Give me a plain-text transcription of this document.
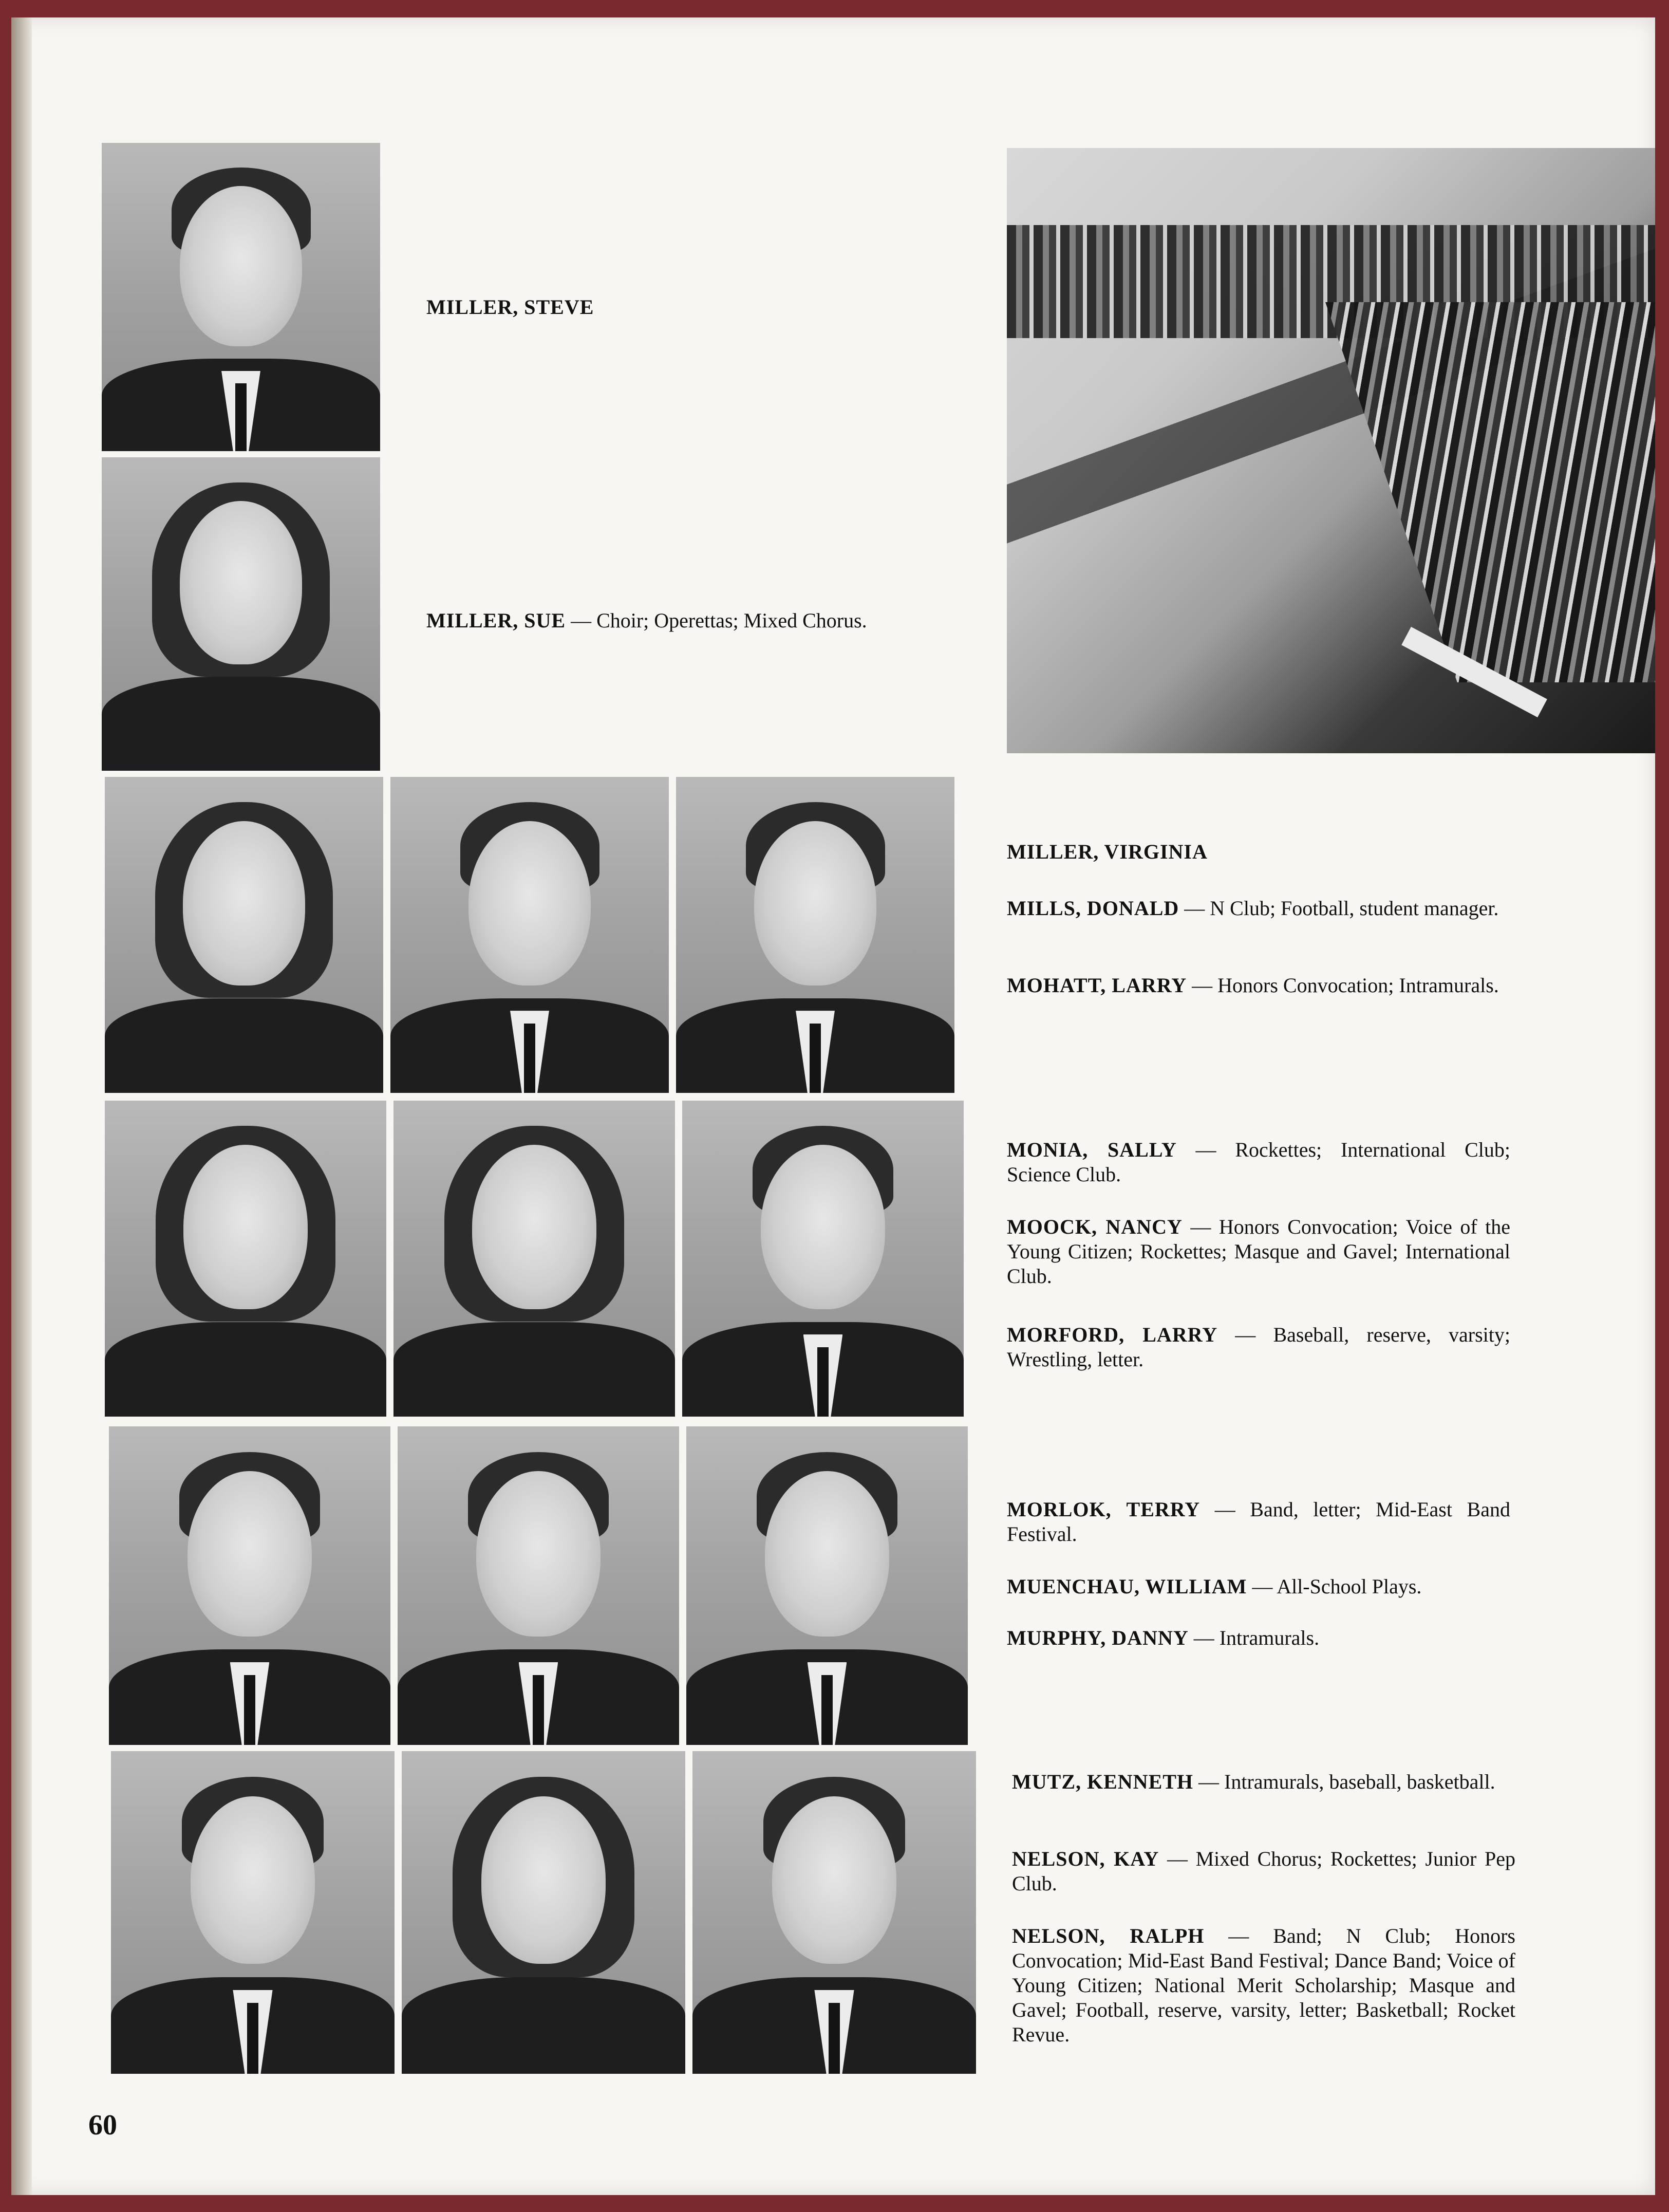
MILLER, STEVE
MILLER, SUE — Choir; Operettas; Mixed Chorus.
MILLER, VIRGINIA
MILLS, DONALD — N Club; Football, student manager.
MOHATT, LARRY — Honors Convocation; Intramurals.
MONIA, SALLY — Rockettes; International Club; Science Club.
MOOCK, NANCY — Honors Convocation; Voice of the Young Citizen; Rockettes; Masque and Gavel; International Club.
MORFORD, LARRY — Baseball, reserve, varsity; Wrestling, letter.
MORLOK, TERRY — Band, letter; Mid-East Band Festival.
MUENCHAU, WILLIAM — All-School Plays.
MURPHY, DANNY — Intramurals.
MUTZ, KENNETH — Intramurals, baseball, basketball.
NELSON, KAY — Mixed Chorus; Rockettes; Junior Pep Club.
NELSON, RALPH — Band; N Club; Honors Convocation; Mid-East Band Festival; Dance Band; Voice of Young Citizen; National Merit Scholarship; Masque and Gavel; Football, reserve, varsity, letter; Basketball; Rocket Revue.
60
